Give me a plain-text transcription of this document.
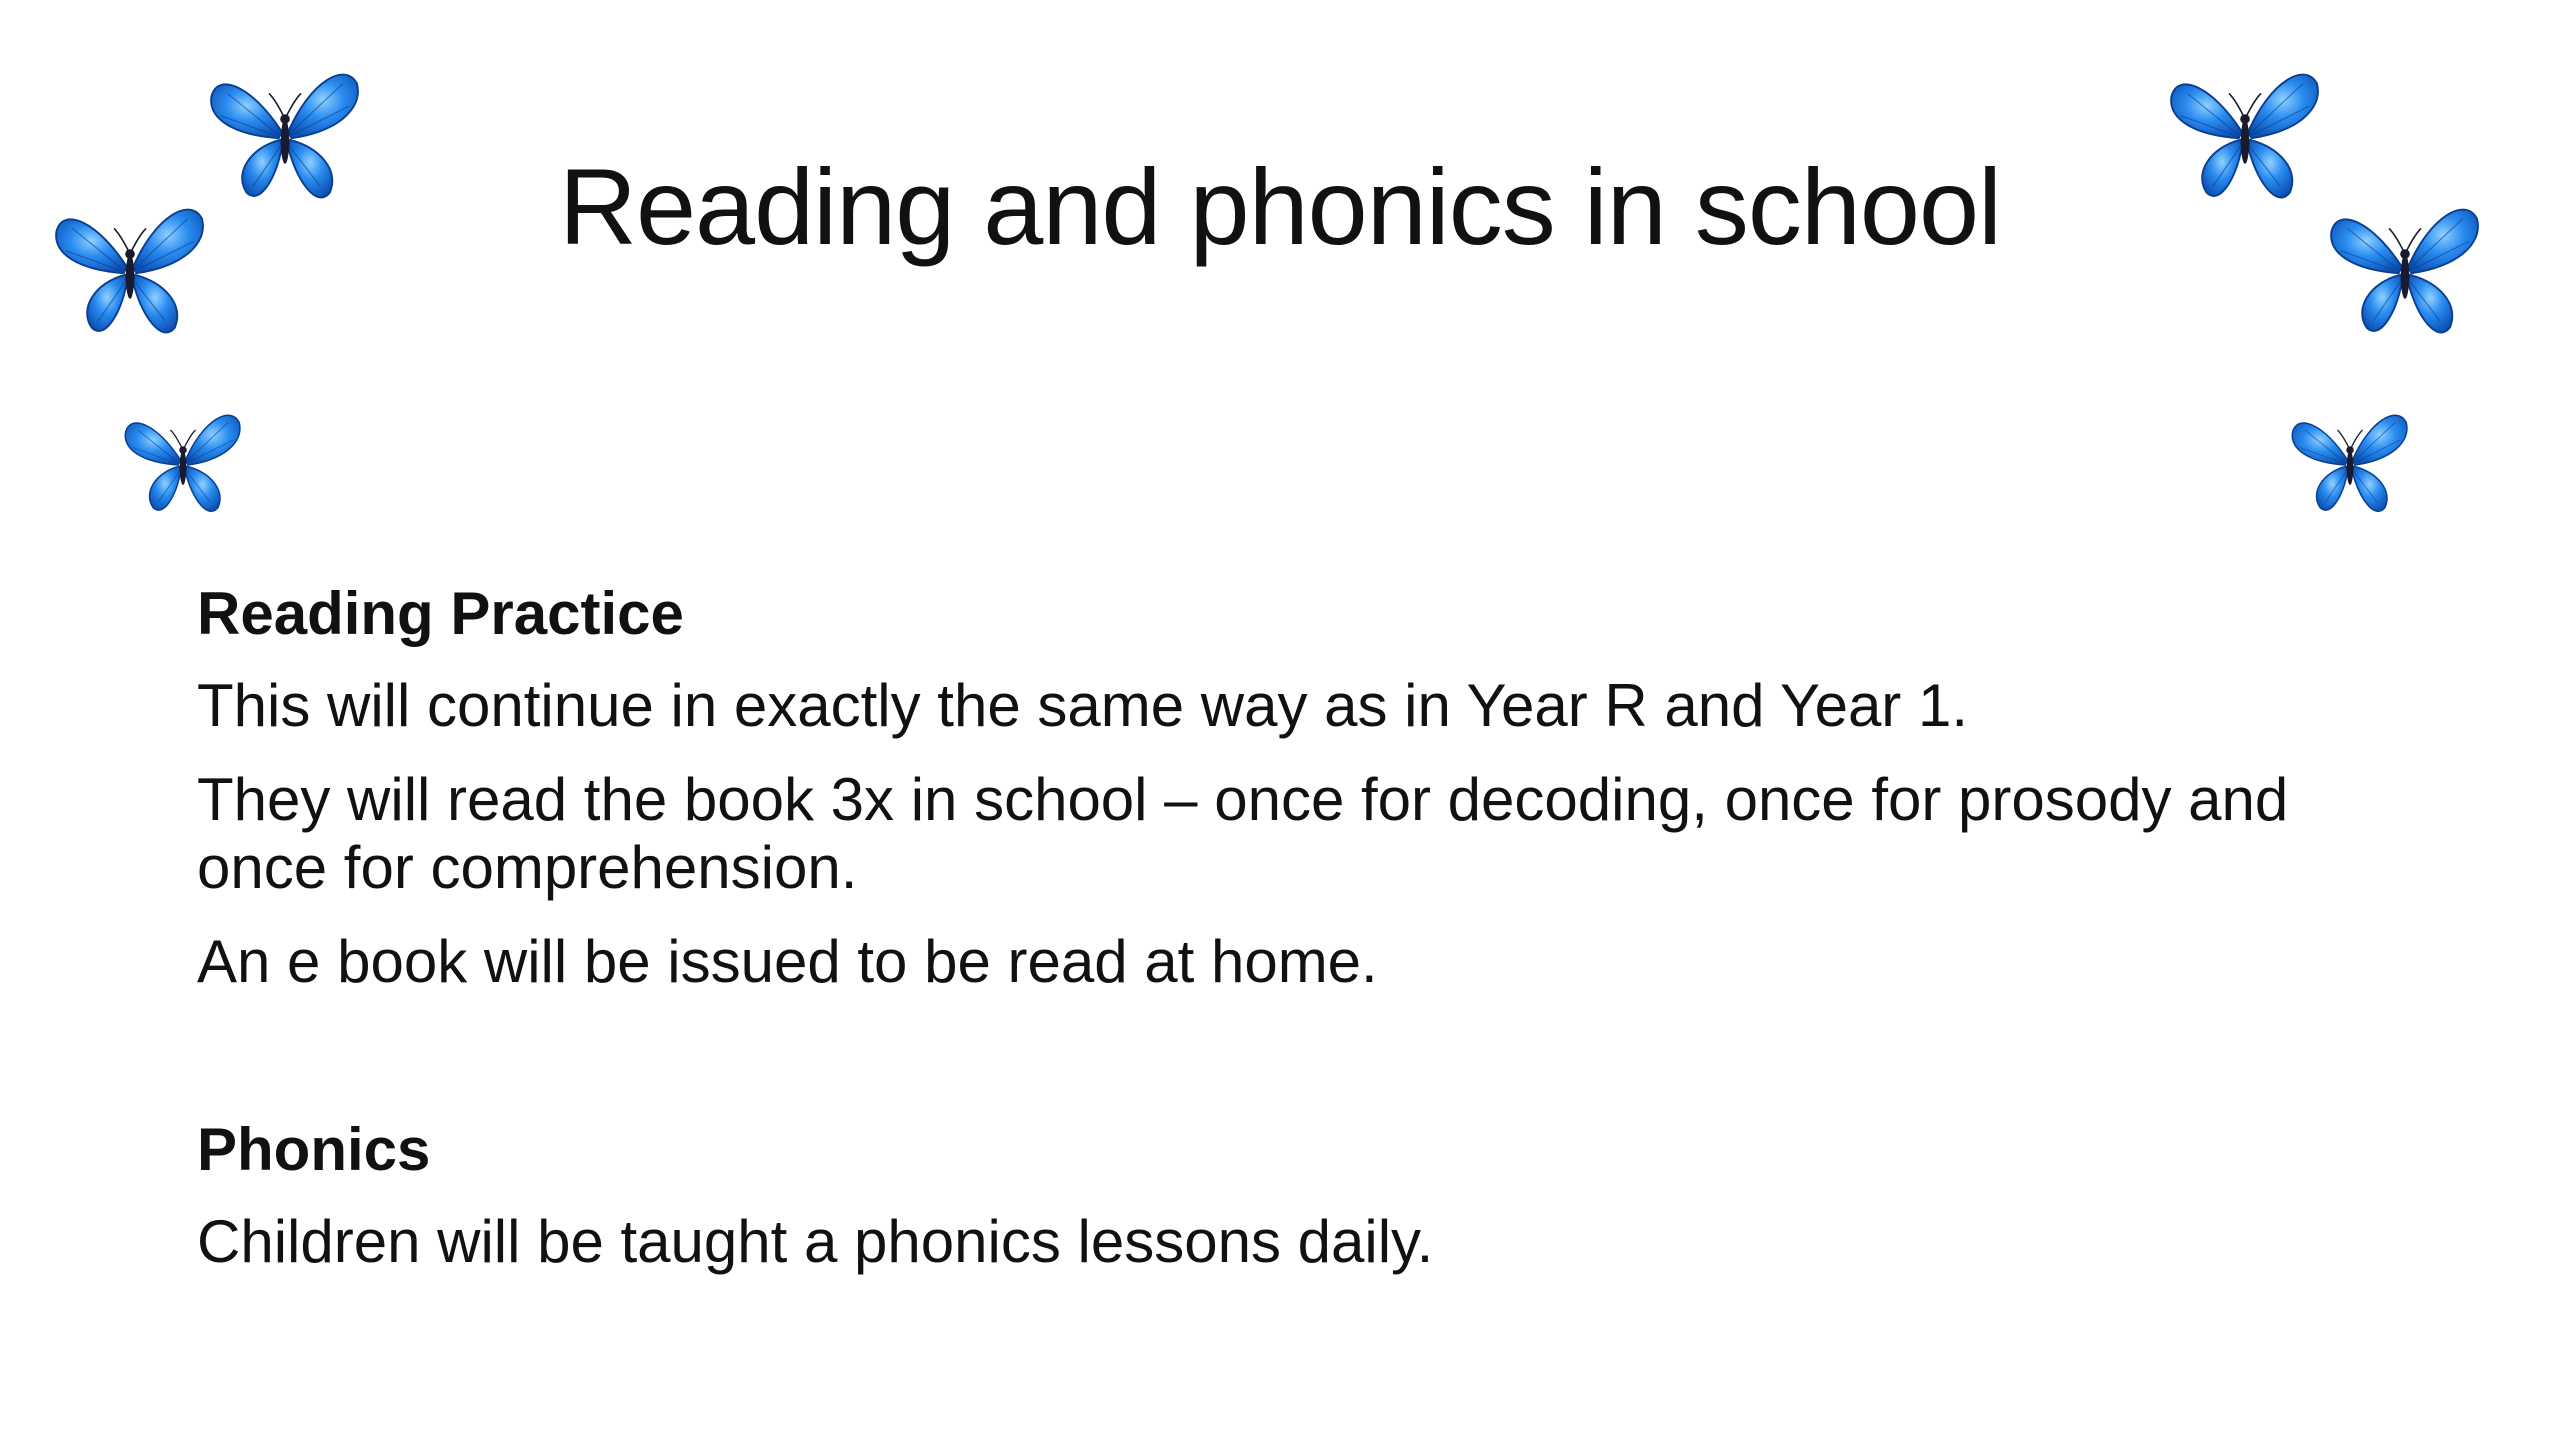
Reading and phonics in school

Reading Practice

This will continue in exactly the same way as in Year R and Year 1.

They will read the book 3x in school – once for decoding, once for prosody and once for comprehension.

An e book will be issued to be read at home.

Phonics

Children will be taught a phonics lessons daily.
